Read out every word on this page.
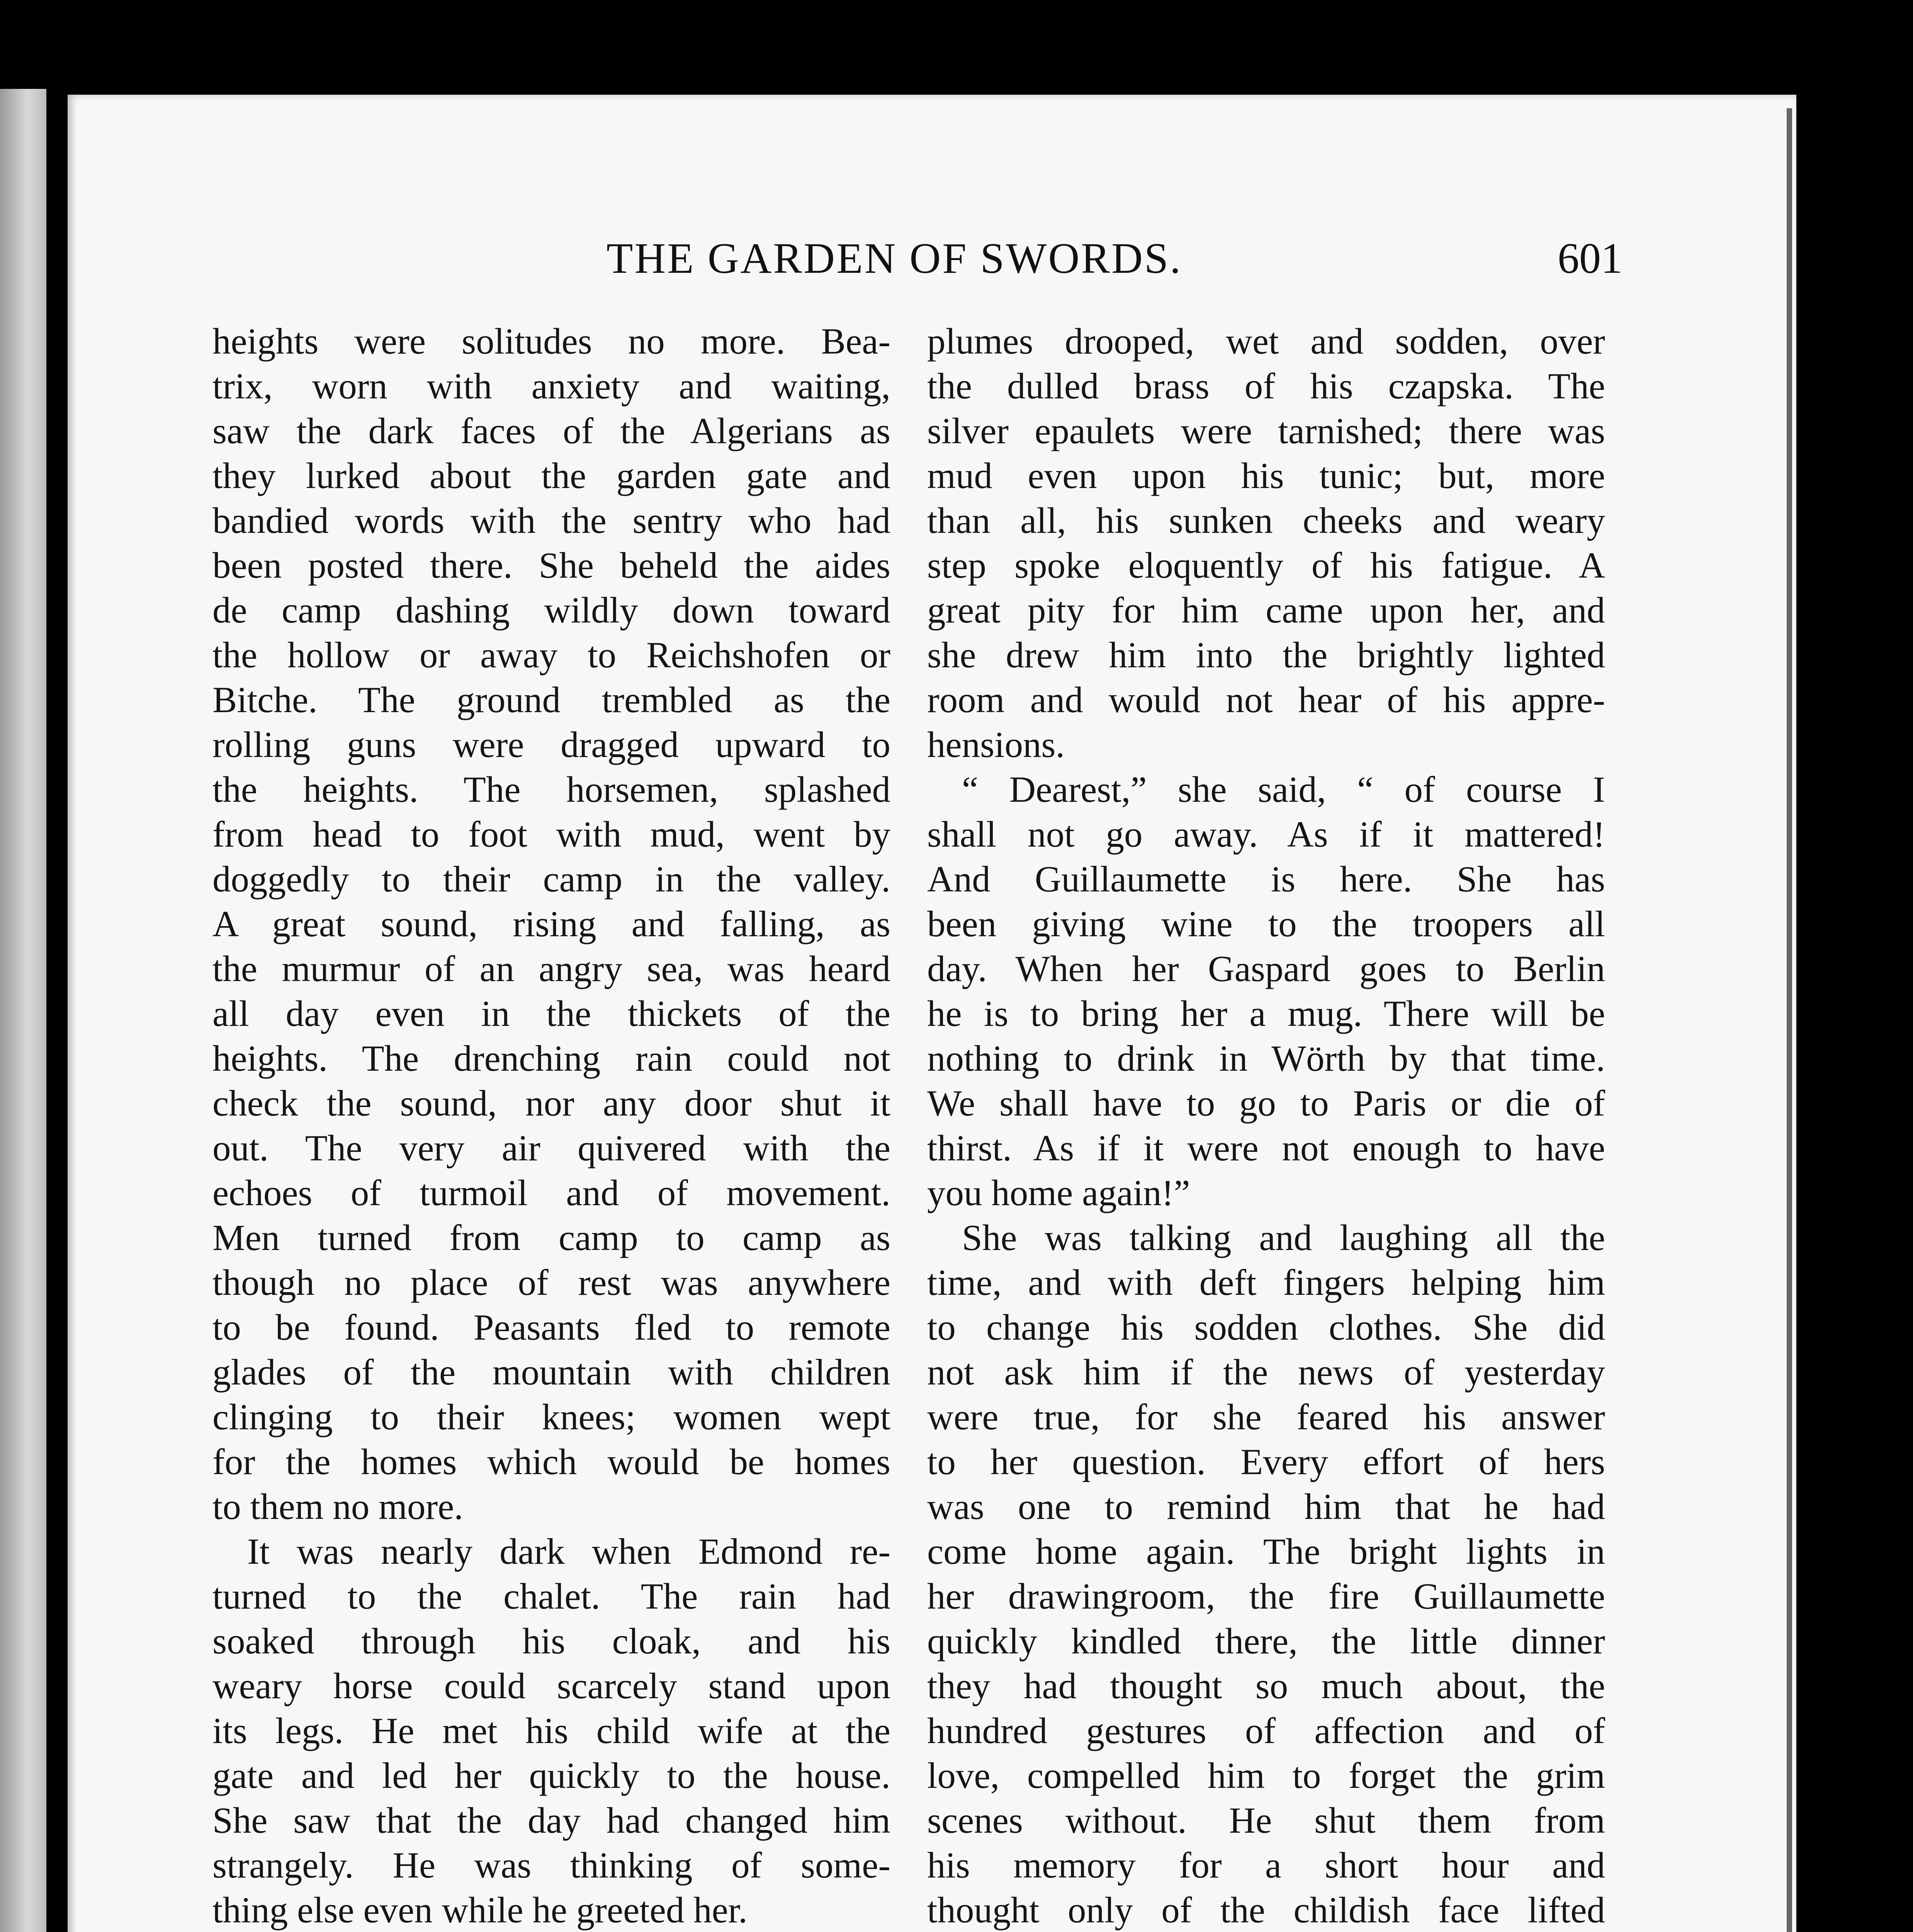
THE GARDEN OF SWORDS.	601
heights were solitudes no more. Bea-
trix, worn with anxiety and waiting,
saw the dark faces of the Algerians as
they lurked about the garden gate and
bandied words with the sentry who had
been posted there. She beheld the aides
de camp dashing wildly down toward
the hollow or away to Reichshofen or
Bitche. The ground trembled as the
rolling guns were dragged upward to
the heights. The horsemen, splashed
from head to foot with mud, went by
doggedly to their camp in the valley.
A great sound, rising and falling, as
the murmur of an angry sea, was heard
all day even in the thickets of the
heights. The drenching rain could not
check the sound, nor any door shut it
out. The very air quivered with the
echoes of turmoil and of movement.
Men turned from camp to camp as
though no place of rest was anywhere
to be found. Peasants fled to remote
glades of the mountain with children
clinging to their knees; women wept
for the homes which would be homes
to them no more.
It was nearly dark when Edmond re-
turned to the chalet. The rain had
soaked through his cloak, and his
weary horse could scarcely stand upon
its legs. He met his child wife at the
gate and led her quickly to the house.
She saw that the day had changed him
strangely. He was thinking of some-
thing else even while he greeted her.
plumes drooped, wet and sodden, over
the dulled brass of his czapska. The
silver epaulets were tarnished; there was
mud even upon his tunic; but, more
than all, his sunken cheeks and weary
step spoke eloquently of his fatigue. A
great pity for him came upon her, and
she drew him into the brightly lighted
room and would not hear of his appre-
hensions.
“ Dearest,” she said, “ of course I
shall not go away. As if it mattered!
And Guillaumette is here. She has
been giving wine to the troopers all
day. When her Gaspard goes to Berlin
he is to bring her a mug. There will be
nothing to drink in Wörth by that time.
We shall have to go to Paris or die of
thirst. As if it were not enough to have
you home again!”
She was talking and laughing all the
time, and with deft fingers helping him
to change his sodden clothes. She did
not ask him if the news of yesterday
were true, for she feared his answer
to her question. Every effort of hers
was one to remind him that he had
come home again. The bright lights in
her drawingroom, the fire Guillaumette
quickly kindled there, the little dinner
they had thought so much about, the
hundred gestures of affection and of
love, compelled him to forget the grim
scenes without. He shut them from
his memory for a short hour and
thought only of the childish face lifted
